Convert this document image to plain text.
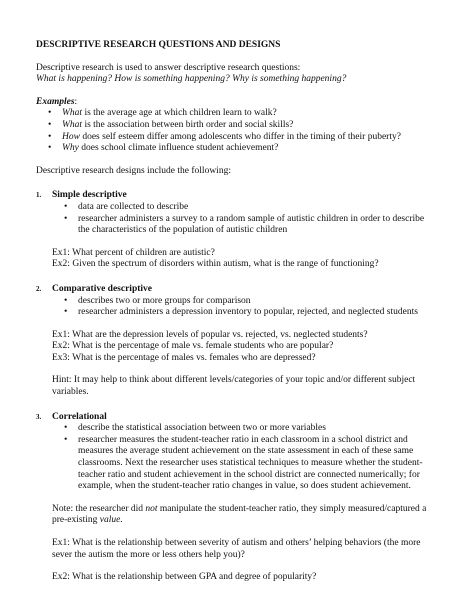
DESCRIPTIVE RESEARCH QUESTIONS AND DESIGNS

Descriptive research is used to answer descriptive research questions:

What is happening? How is something happening? Why is something happening?

Examples:

• What is the average age at which children learn to walk?
• What is the association between birth order and social skills?
• How does self esteem differ among adolescents who differ in the timing of their puberty?
• Why does school climate influence student achievement?

Descriptive research designs include the following:

1.	Simple descriptive
• data are collected to describe
• researcher administers a survey to a random sample of autistic children in order to describe the characteristics of the population of autistic children

Ex1: What percent of children are autistic?

Ex2: Given the spectrum of disorders within autism, what is the range of functioning?

2.	Comparative descriptive
• describes two or more groups for comparison
• researcher administers a depression inventory to popular, rejected, and neglected students

Ex1: What are the depression levels of popular vs. rejected, vs. neglected students?

Ex2: What is the percentage of male vs. female students who are popular?

Ex3: What is the percentage of males vs. females who are depressed?

Hint: It may help to think about different levels/categories of your topic and/or different subject variables.

3.	Correlational
• describe the statistical association between two or more variables
• researcher measures the student-teacher ratio in each classroom in a school district and measures the average student achievement on the state assessment in each of these same classrooms. Next the researcher uses statistical techniques to measure whether the student-teacher ratio and student achievement in the school district are connected numerically; for example, when the student-teacher ratio changes in value, so does student achievement.

Note: the researcher did not manipulate the student-teacher ratio, they simply measured/captured a pre-existing value.

Ex1: What is the relationship between severity of autism and others’ helping behaviors (the more sever the autism the more or less others help you)?

Ex2: What is the relationship between GPA and degree of popularity?
